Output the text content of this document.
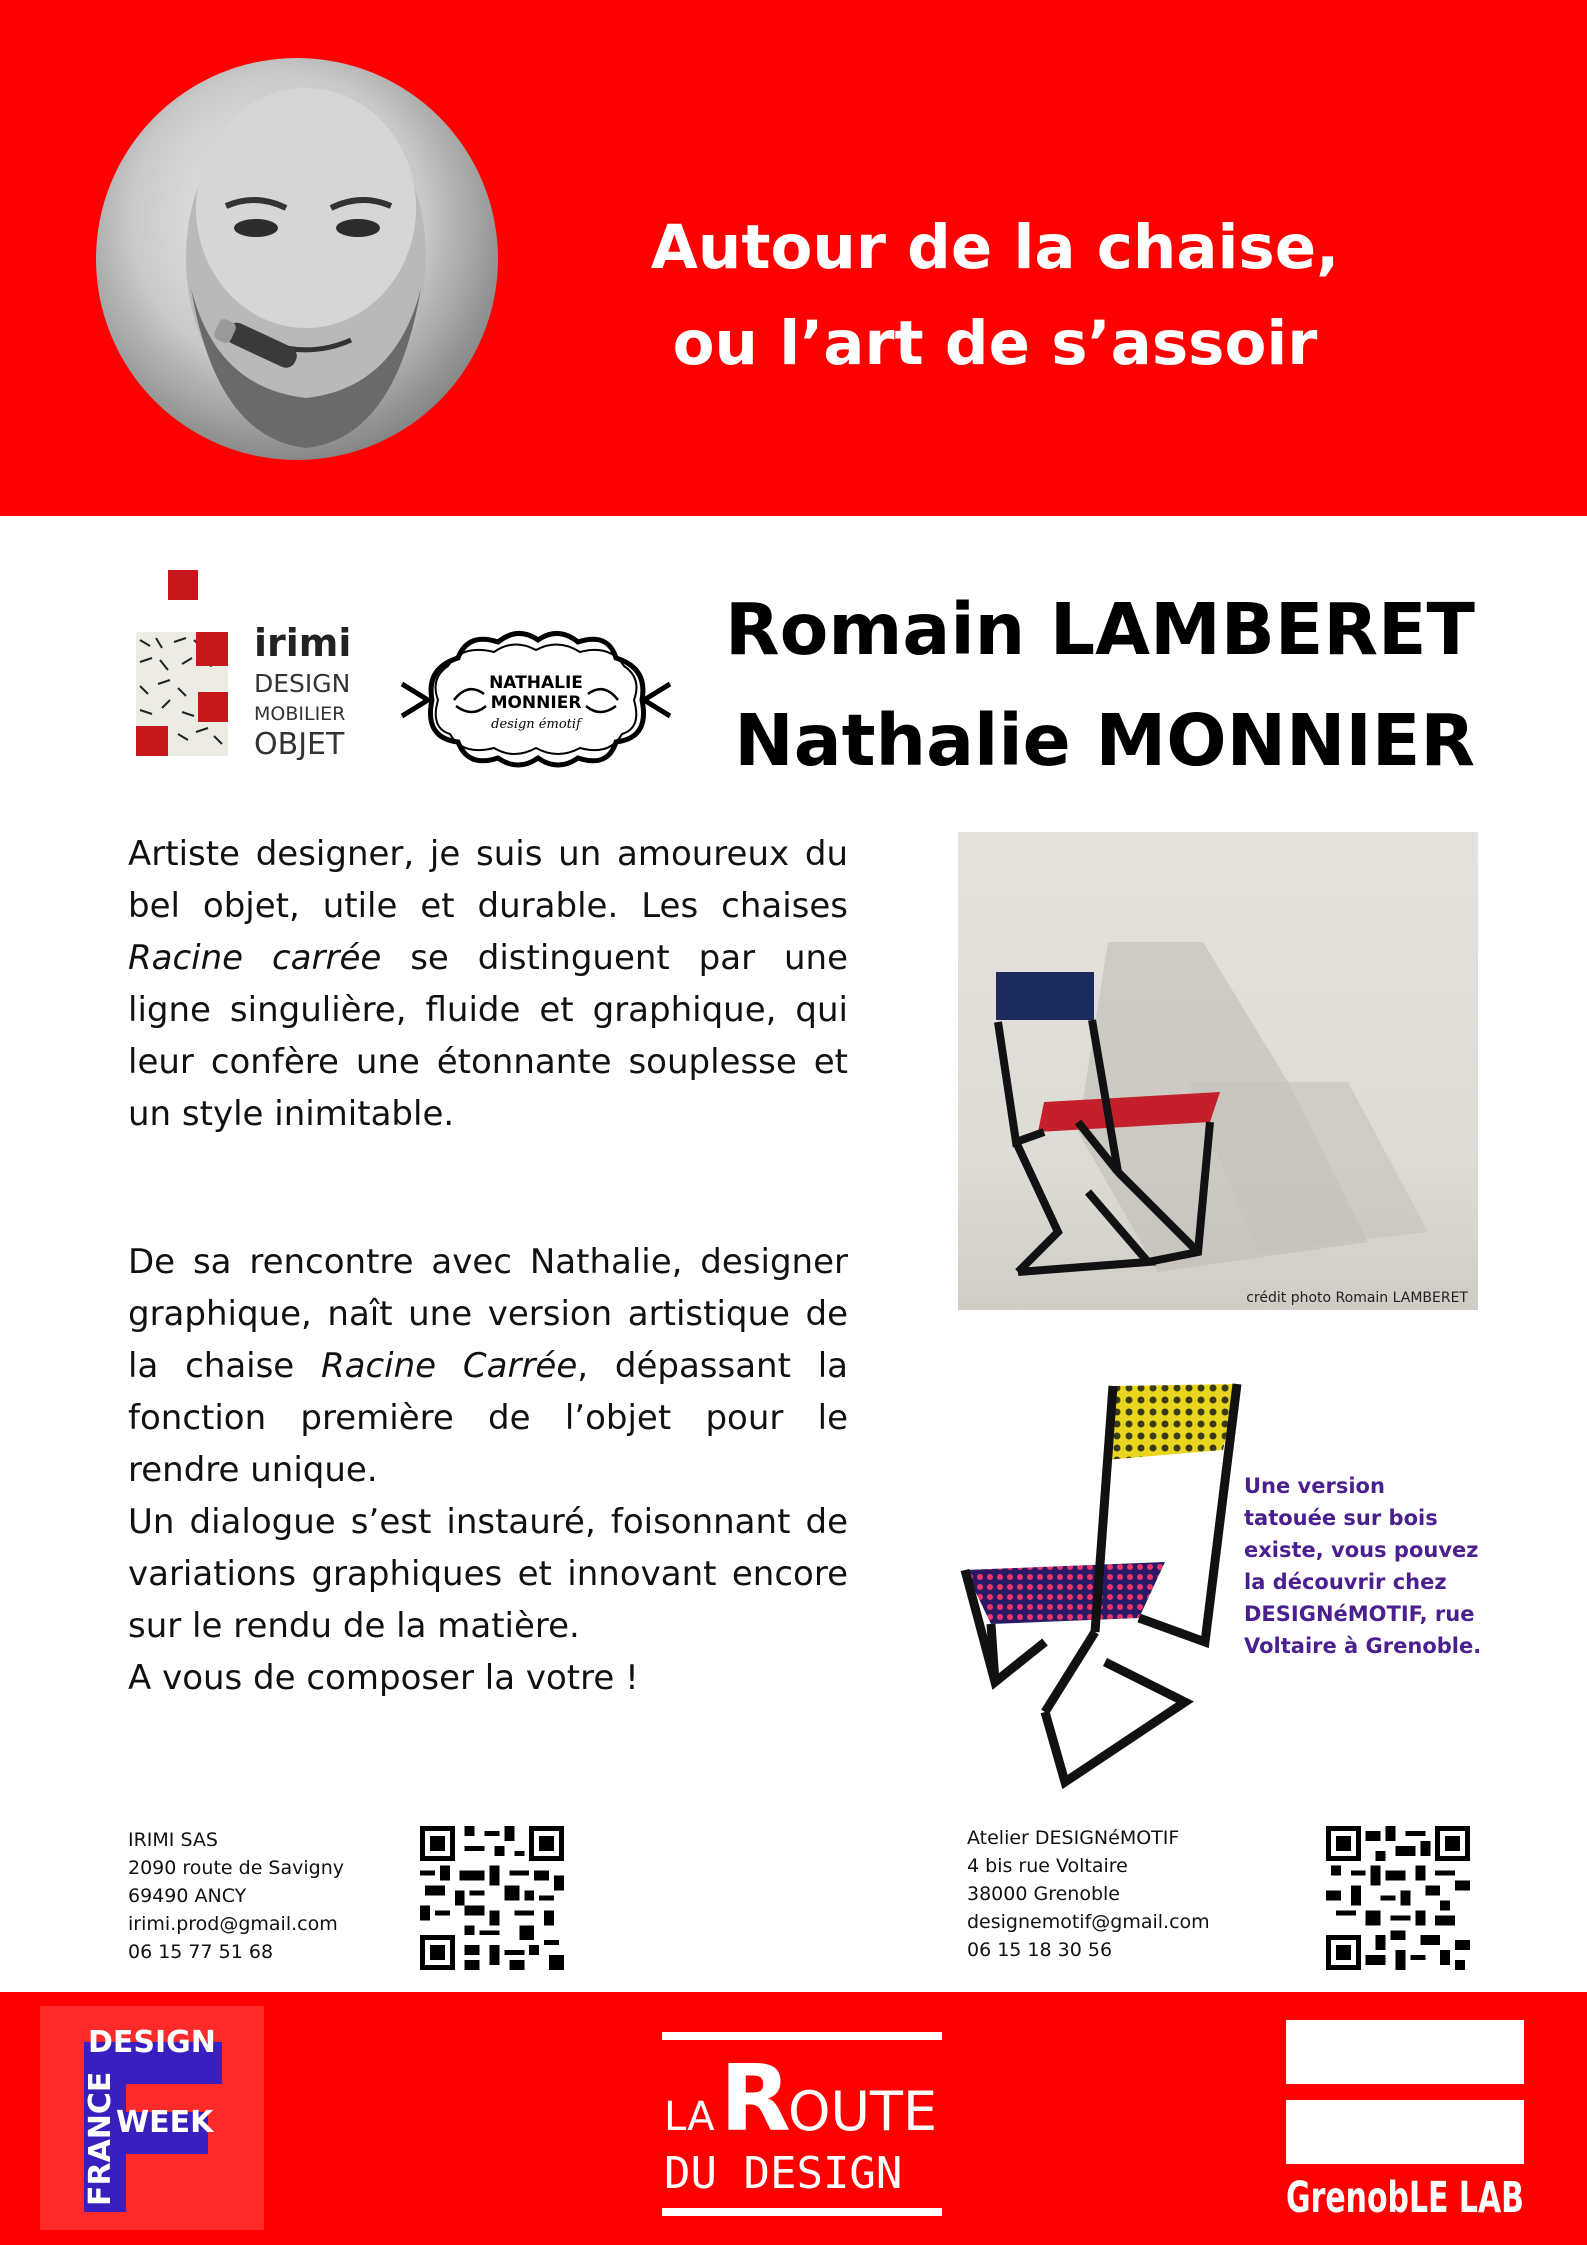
Autour de la chaise,
ou l’art de s’assoir
irimi
DESIGN
MOBILIER
OBJET
NATHALIE
MONNIER
design émotif
Romain LAMBERET
Nathalie MONNIER
Artiste designer, je suis un amoureux du bel objet, utile et durable. Les chaises Racine carrée se distinguent par une ligne singulière, fluide et graphique, qui leur confère une étonnante souplesse et un style inimitable.
De sa rencontre avec Nathalie, designer graphique, naît une version artistique de la chaise Racine Carrée, dépassant la fonction première de l’objet pour le rendre unique.
Un dialogue s’est instauré, foisonnant de variations graphiques et innovant encore sur le rendu de la matière.
A vous de composer la votre !
crédit photo Romain LAMBERET
Une version tatouée sur bois existe, vous pouvez la découvrir chez DESIGNéMOTIF, rue Voltaire à Grenoble.
IRIMI SAS
2090 route de Savigny
69490 ANCY
irimi.prod@gmail.com
06 15 77 51 68
Atelier DESIGNéMOTIF
4 bis rue Voltaire
38000 Grenoble
designemotif@gmail.com
06 15 18 30 56
DESIGN
WEEK
FRANCE	LA R
OUTE
DU DESIGN	GrenobLE LAB
